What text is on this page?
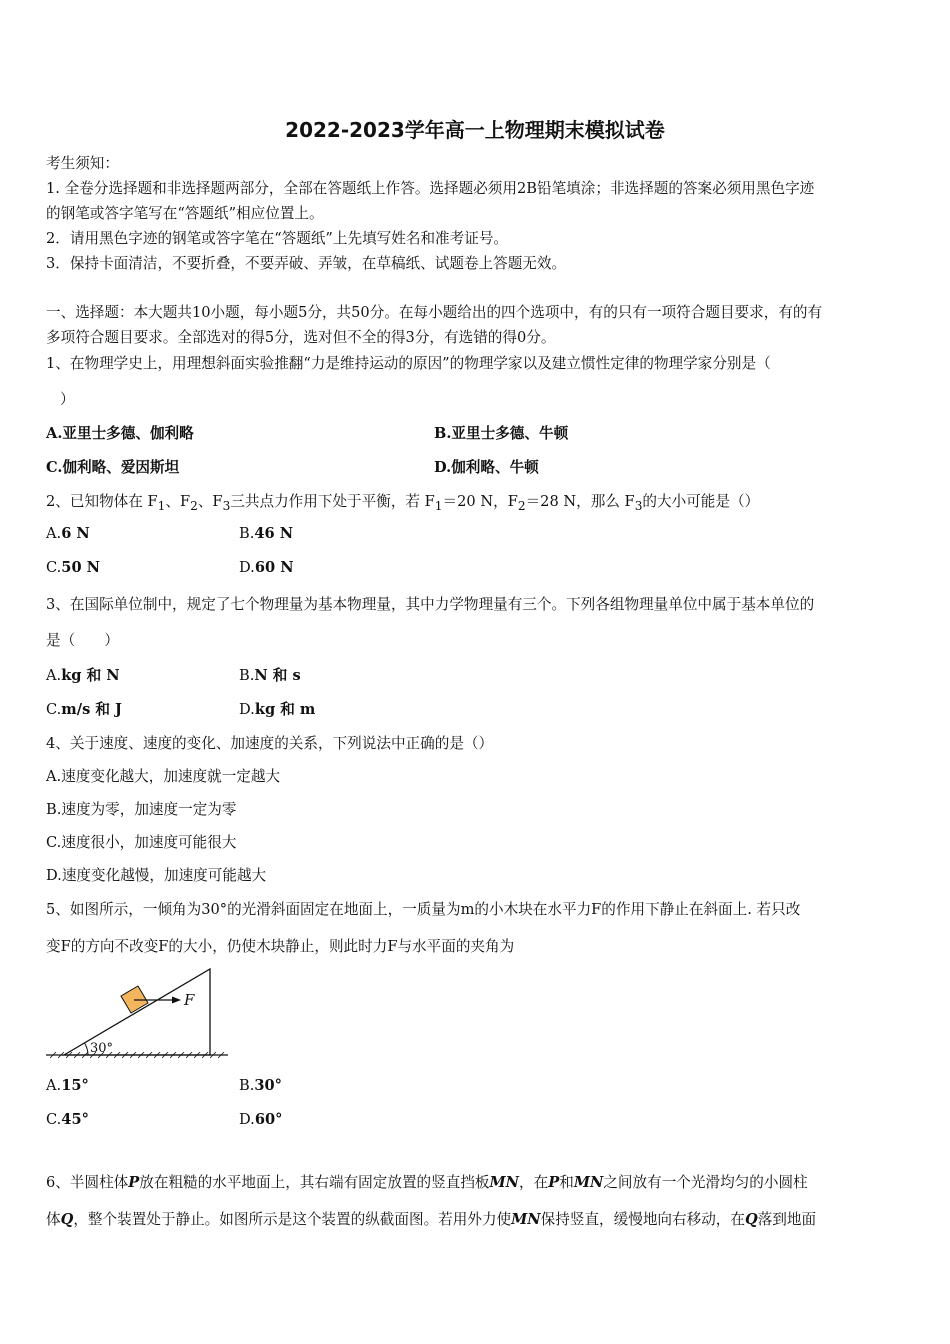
2022-2023学年高一上物理期末模拟试卷
考生须知：
1. 全卷分选择题和非选择题两部分，全部在答题纸上作答。选择题必须用2B铅笔填涂；非选择题的答案必须用黑色字迹
的钢笔或答字笔写在“答题纸”相应位置上。
2．请用黑色字迹的钢笔或答字笔在“答题纸”上先填写姓名和准考证号。
3．保持卡面清洁，不要折叠，不要弄破、弄皱，在草稿纸、试题卷上答题无效。
一、选择题：本大题共10小题，每小题5分，共50分。在每小题给出的四个选项中，有的只有一项符合题目要求，有的有
多项符合题目要求。全部选对的得5分，选对但不全的得3分，有选错的得0分。
1、在物理学史上，用理想斜面实验推翻“力是维持运动的原因”的物理学家以及建立惯性定律的物理学家分别是（
）
A.亚里士多德、伽利略	B.亚里士多德、牛顿
C.伽利略、爱因斯坦	D.伽利略、牛顿
2、已知物体在 $F_1$、$F_2$、$F_3$三共点力作用下处于平衡，若 $F_1=20$ N，$F_2=28$ N，那么 $F_3$的大小可能是（）
A.6 N	B.46 N
C.50 N	D.60 N
3、在国际单位制中，规定了七个物理量为基本物理量，其中力学物理量有三个。下列各组物理量单位中属于基本单位的
是（　　）
A.kg 和 N	B.N 和 s
C.m/s 和 J	D.kg 和 m
4、关于速度、速度的变化、加速度的关系，下列说法中正确的是（）
A.速度变化越大，加速度就一定越大
B.速度为零，加速度一定为零
C.速度很小，加速度可能很大
D.速度变化越慢，加速度可能越大
5、如图所示，一倾角为30°的光滑斜面固定在地面上，一质量为m的小木块在水平力F的作用下静止在斜面上. 若只改
变F的方向不改变F的大小，仍使木块静止，则此时力F与水平面的夹角为
30°
F
A.15°	B.30°
C.45°	D.60°
6、半圆柱体P放在粗糙的水平地面上，其右端有固定放置的竖直挡板MN，在P和MN之间放有一个光滑均匀的小圆柱
体Q，整个装置处于静止。如图所示是这个装置的纵截面图。若用外力使MN保持竖直，缓慢地向右移动，在Q落到地面
